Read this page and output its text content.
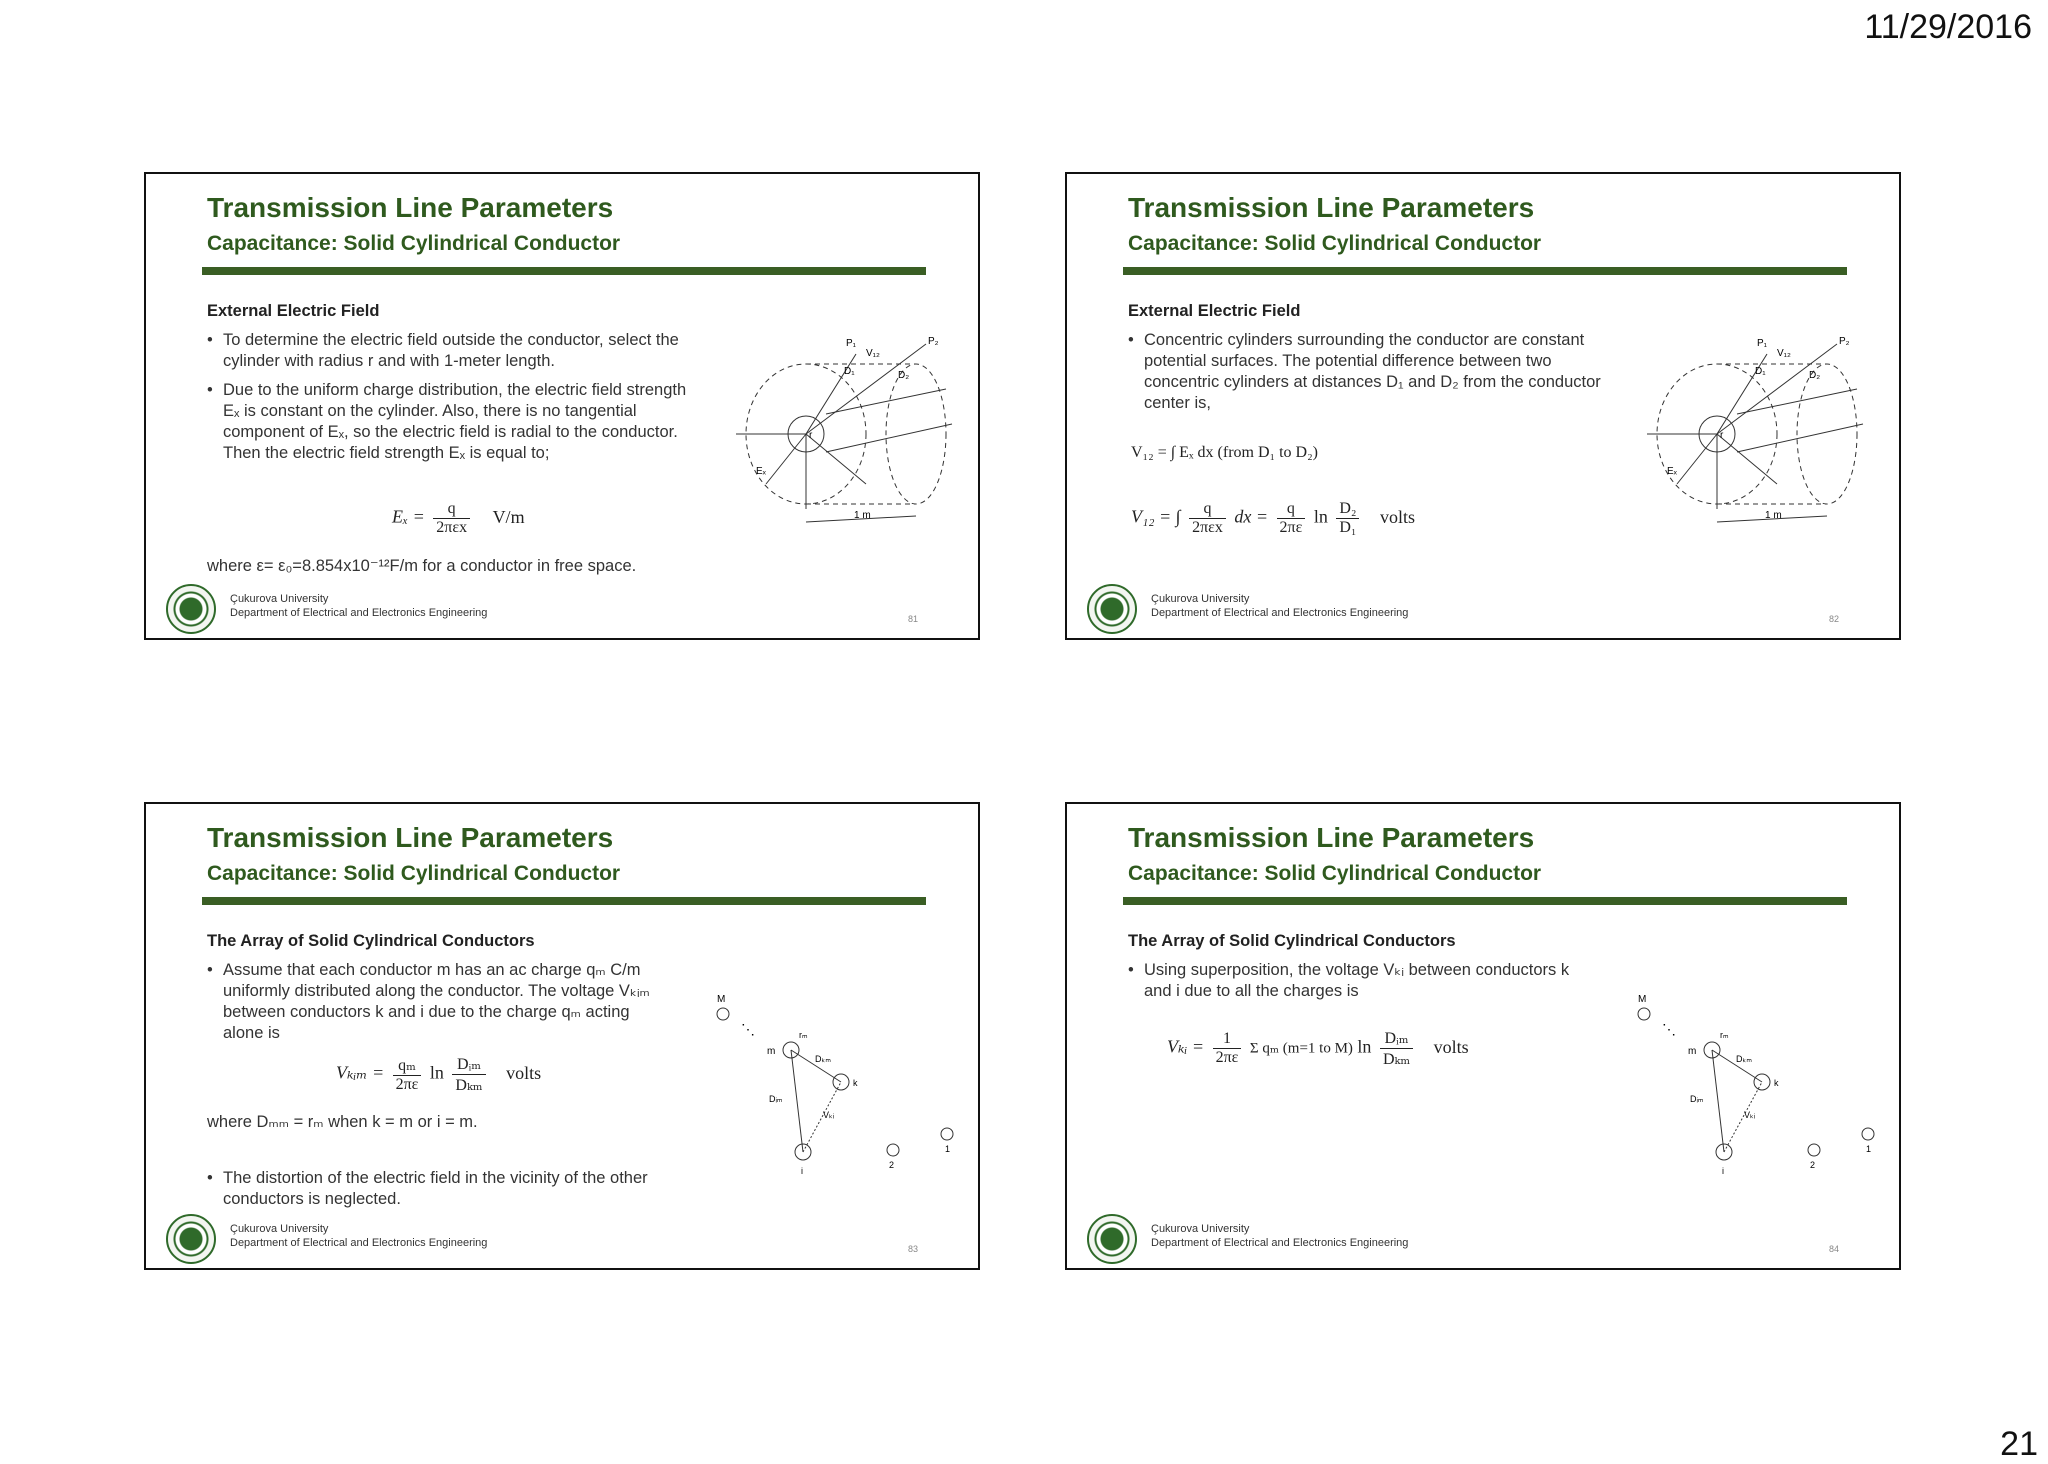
11/29/2016
Transmission Line Parameters
Capacitance: Solid Cylindrical Conductor
External Electric Field
• To determine the electric field outside the conductor, select the cylinder with radius r and with 1-meter length.
• Due to the uniform charge distribution, the electric field strength Eₓ is constant on the cylinder. Also, there is no tangential component of Eₓ, so the electric field is radial to the conductor. Then the electric field strength Eₓ is equal to;
$E_x = \frac{q}{\text{2πεx}} V/m$
where ε= ε₀=8.854x10⁻¹²F/m for a conductor in free space.
P₁	P₂
V₁₂
D₁	D₂
Eₓ
r
1 m
Çukurova University
Department of Electrical and Electronics Engineering	81
Transmission Line Parameters
Capacitance: Solid Cylindrical Conductor
External Electric Field
• Concentric cylinders surrounding the conductor are constant potential surfaces. The potential difference between two concentric cylinders at distances D₁ and D₂ from the conductor center is,
V₁₂ = ∫ Eₓ dx (from D₁ to D₂)
V₁₂ = ∫ $\frac{q}{\text{2πεx}}$ dx = $\frac{q}{2\pi\varepsilon}$ $\ln \frac{\text{D₂}}{\text{D₁}}$ volts
P₁	P₂
V₁₂
D₁	D₂
Eₓ
r
1 m
Çukurova University
Department of Electrical and Electronics Engineering	82
Transmission Line Parameters
Capacitance: Solid Cylindrical Conductor
The Array of Solid Cylindrical Conductors
• Assume that each conductor m has an ac charge qₘ C/m uniformly distributed along the conductor. The voltage Vₖᵢₘ between conductors k and i due to the charge qₘ acting alone is
Vₖᵢₘ = $\frac{\text{qₘ}}{2\pi\varepsilon}$ $\ln \frac{\text{Dᵢₘ}}{\text{Dₖₘ}}$ volts
where Dₘₘ = rₘ when k = m or i = m.
• The distortion of the electric field in the vicinity of the other conductors is neglected.
M
⋱
m
rₘ
Dₖₘ
k
Dᵢₘ
i
Vₖᵢ
2
1
Çukurova University
Department of Electrical and Electronics Engineering	83
Transmission Line Parameters
Capacitance: Solid Cylindrical Conductor
The Array of Solid Cylindrical Conductors
• Using superposition, the voltage Vₖᵢ between conductors k and i due to all the charges is
Vₖᵢ = $\frac{1}{2\pi\varepsilon}$ Σ qₘ (m=1 to M) $\ln \frac{\text{Dᵢₘ}}{\text{Dₖₘ}}$ volts
M
⋱
m
rₘ
Dₖₘ
k
Dᵢₘ
i
Vₖᵢ
2
1
Çukurova University
Department of Electrical and Electronics Engineering	84
21
